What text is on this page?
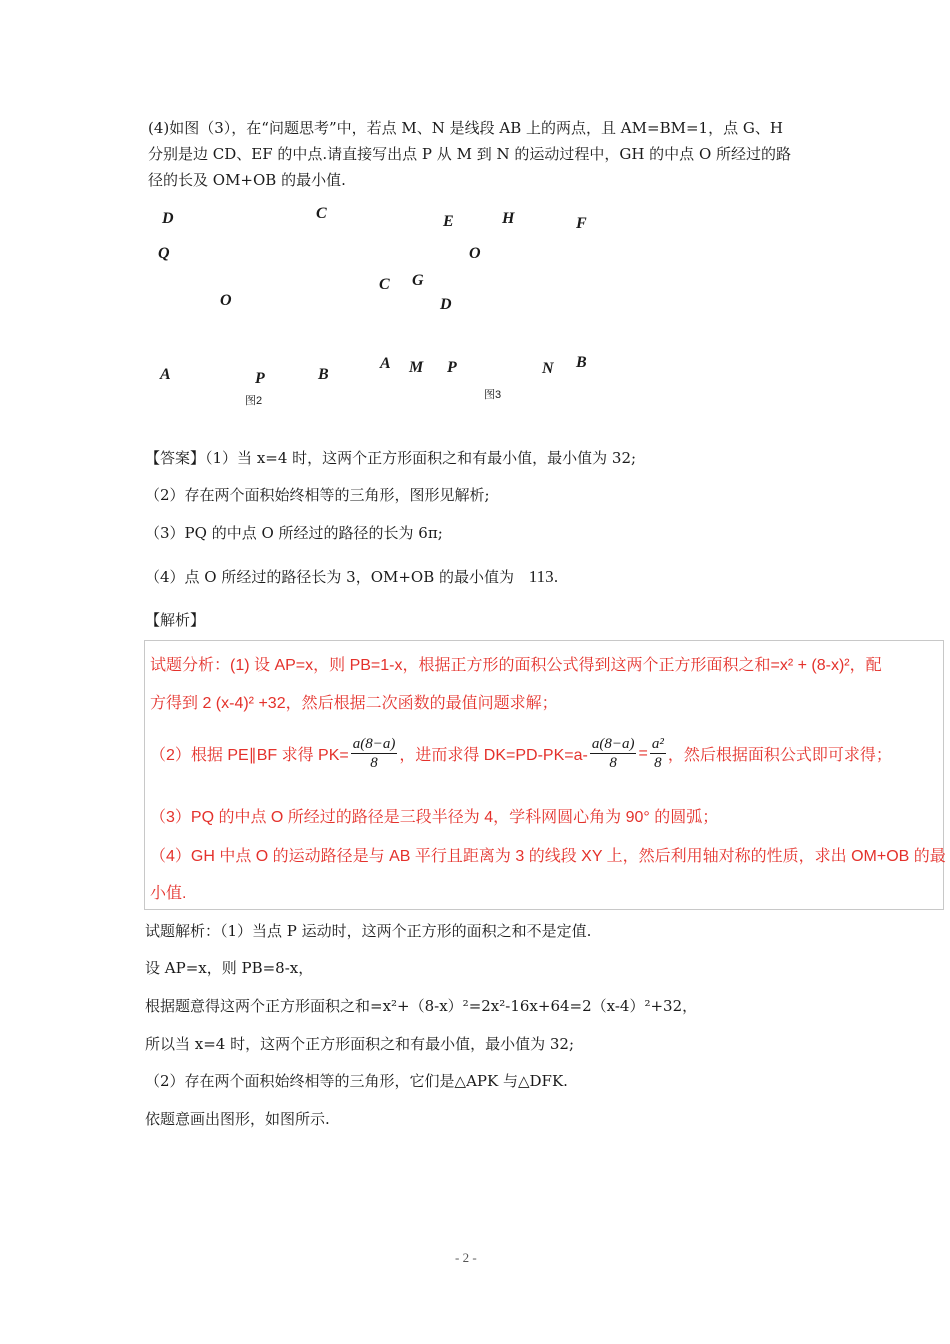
(4)如图（3），在“问题思考”中，若点 M、N 是线段 AB 上的两点，且 AM=BM=1，点 G、H
分别是边 CD、EF 的中点.请直接写出点 P 从 M 到 N 的运动过程中，GH 的中点 O 所经过的路
径的长及 OM+OB 的最小值.
D	C
Q
O
A	P	B
图2
E	H	F
O
C G
D
A M P	N B
图3
【答案】（1）当 x=4 时，这两个正方形面积之和有最小值，最小值为 32;
（2）存在两个面积始终相等的三角形，图形见解析;
（3）PQ 的中点 O 所经过的路径的长为 6π;
（4）点 O 所经过的路径长为 3，OM+OB 的最小值为 113.
【解析】
试题分析：(1) 设 AP=x，则 PB=1-x，根据正方形的面积公式得到这两个正方形面积之和=x² + (8-x)²，配
方得到 2 (x-4)² +32，然后根据二次函数的最值问题求解；
（2）根据 PE∥BF 求得 $PK= \frac{a(8-a)}{8}$ ，进而求得 $DK=PD-PK=a- \frac{a(8-a)}{8} = \frac{\text{a²}}{8}$ ，然后根据面积公式即可求得；
（3）PQ 的中点 O 所经过的路径是三段半径为 4，学科网圆心角为 90° 的圆弧；
（4）GH 中点 O 的运动路径是与 AB 平行且距离为 3 的线段 XY 上，然后利用轴对称的性质，求出 OM+OB 的最
小值.
试题解析：（1）当点 P 运动时，这两个正方形的面积之和不是定值.
设 AP=x，则 PB=8-x，
根据题意得这两个正方形面积之和=x²+（8-x）²=2x²-16x+64=2（x-4）²+32，
所以当 x=4 时，这两个正方形面积之和有最小值，最小值为 32;
（2）存在两个面积始终相等的三角形，它们是△APK 与△DFK.
依题意画出图形，如图所示.
- 2 -
